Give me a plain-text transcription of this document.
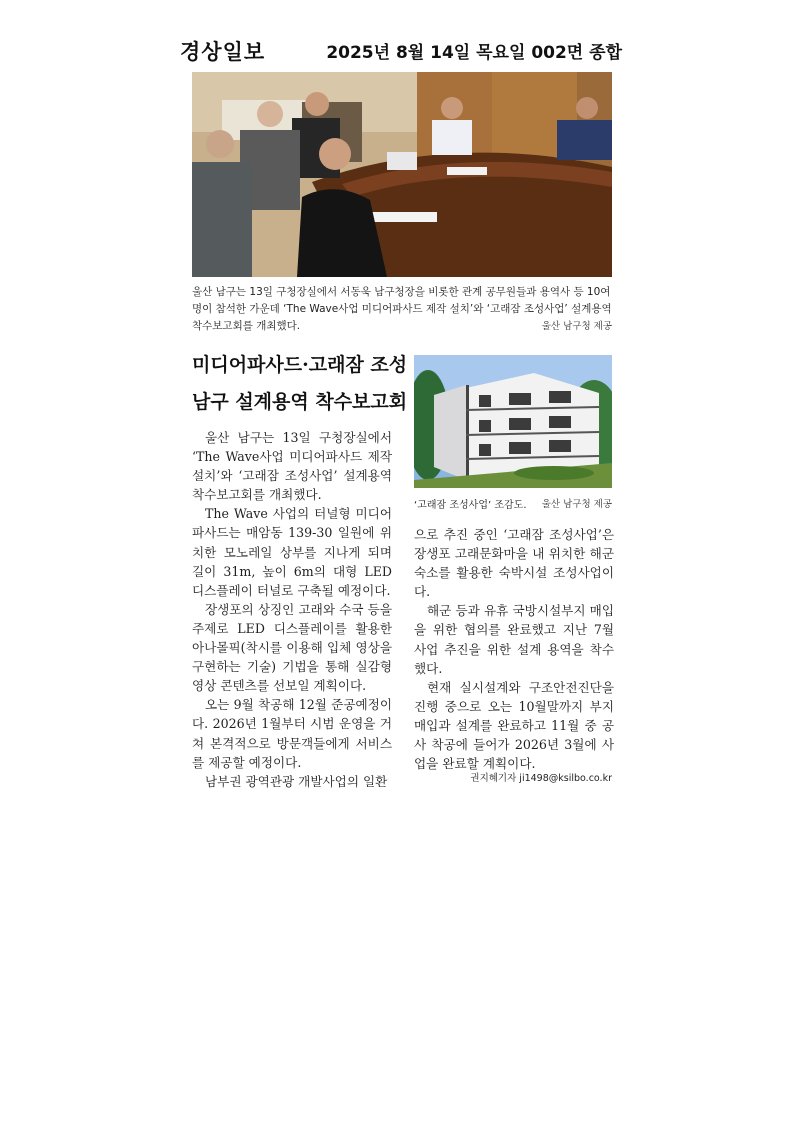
경상일보	2025년 8월 14일 목요일 002면 종합
울산 남구는 13일 구청장실에서 서동욱 남구청장을 비롯한 관계 공무원들과 용역사 등 10여 명이 참석한 가운데 ‘The Wave사업 미디어파사드 제작 설치’와 ‘고래잠 조성사업’ 설계용역 착수보고회를 개최했다.	울산 남구청 제공
미디어파사드·고래잠 조성
남구 설계용역 착수보고회
‘고래잠 조성사업’ 조감도. 울산 남구청 제공

울산 남구는 13일 구청장실에서 ‘The Wave사업 미디어파사드 제작 설치’와 ‘고래잠 조성사업’ 설계용역 착수보고회를 개최했다.

The Wave 사업의 터널형 미디어파사드는 매암동 139-30 일원에 위치한 모노레일 상부를 지나게 되며 길이 31m, 높이 6m의 대형 LED 디스플레이 터널로 구축될 예정이다.

장생포의 상징인 고래와 수국 등을 주제로 LED 디스플레이를 활용한 아나몰픽(착시를 이용해 입체 영상을 구현하는 기술) 기법을 통해 실감형 영상 콘텐츠를 선보일 계획이다.

오는 9월 착공해 12월 준공예정이다. 2026년 1월부터 시범 운영을 거쳐 본격적으로 방문객들에게 서비스를 제공할 예정이다.

남부권 광역관광 개발사업의 일환

으로 추진 중인 ‘고래잠 조성사업’은 장생포 고래문화마을 내 위치한 해군숙소를 활용한 숙박시설 조성사업이다.

해군 등과 유휴 국방시설부지 매입을 위한 협의를 완료했고 지난 7월 사업 추진을 위한 설계 용역을 착수했다.

현재 실시설계와 구조안전진단을 진행 중으로 오는 10월말까지 부지매입과 설계를 완료하고 11월 중 공사 착공에 들어가 2026년 3월에 사업을 완료할 계획이다.

권지혜기자 ji1498@ksilbo.co.kr
